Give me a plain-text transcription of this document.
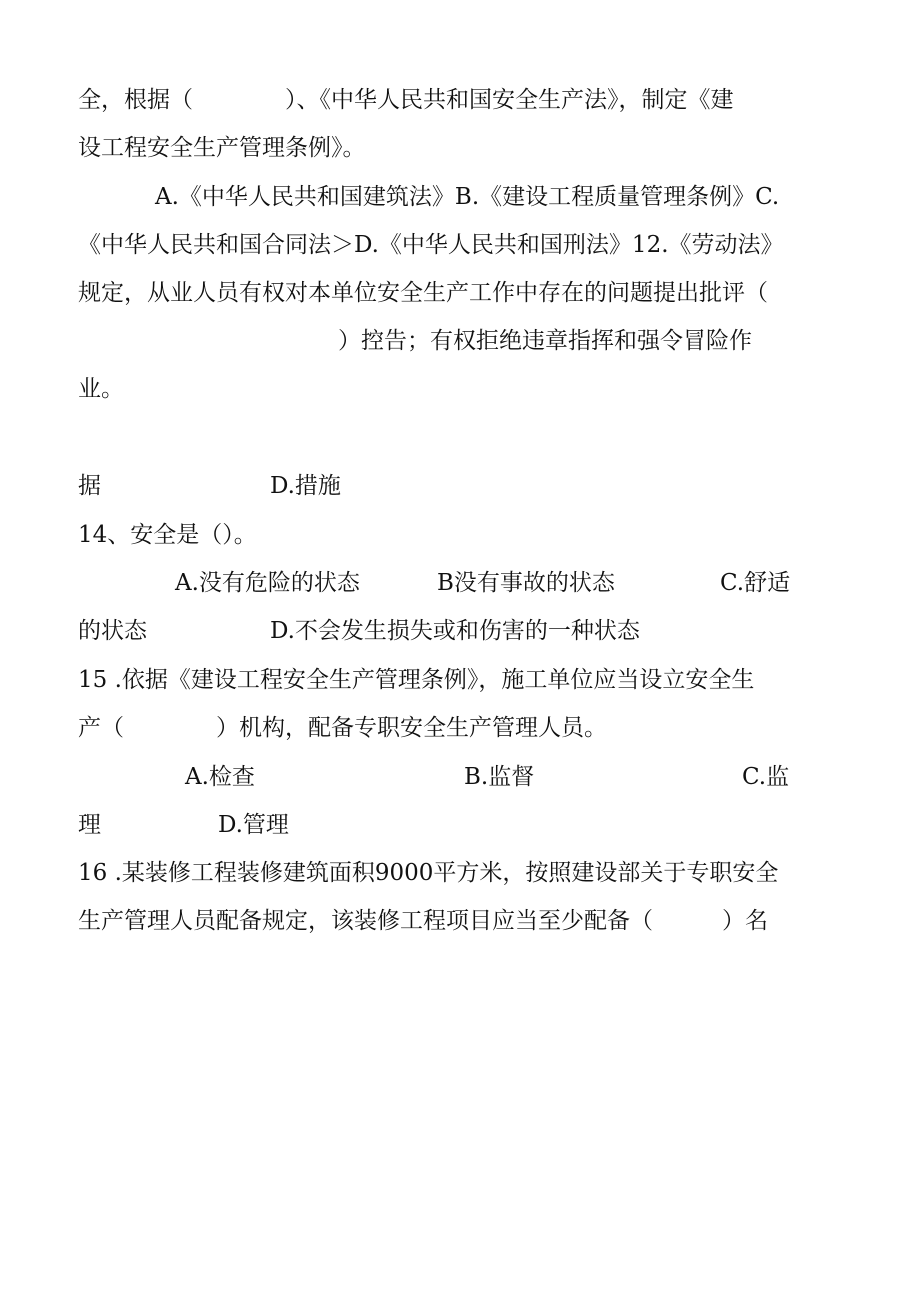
全，根据（　　　　）、《中华人民共和国安全生产法》，制定《建
设工程安全生产管理条例》。
A.《中华人民共和国建筑法》B.《建设工程质量管理条例》C.
《中华人民共和国合同法＞D.《中华人民共和国刑法》12.《劳动法》
规定，从业人员有权对本单位安全生产工作中存在的问题提出批评（
）控告；有权拒绝违章指挥和强令冒险作
业。

据

	D.措施

14、安全是（）。

A.没有危险的状态

	B没有事故的状态

	C.舒适

的状态

	D.不会发生损失或和伤害的一种状态

15 .依据《建设工程安全生产管理条例》，施工单位应当设立安全生
产（　　　　）机构，配备专职安全生产管理人员。

A.检查

	B.监督

	C.监

理

	D.管理

16 .某装修工程装修建筑面积9000平方米，按照建设部关于专职安全
生产管理人员配备规定，该装修工程项目应当至少配备（　　　）名
